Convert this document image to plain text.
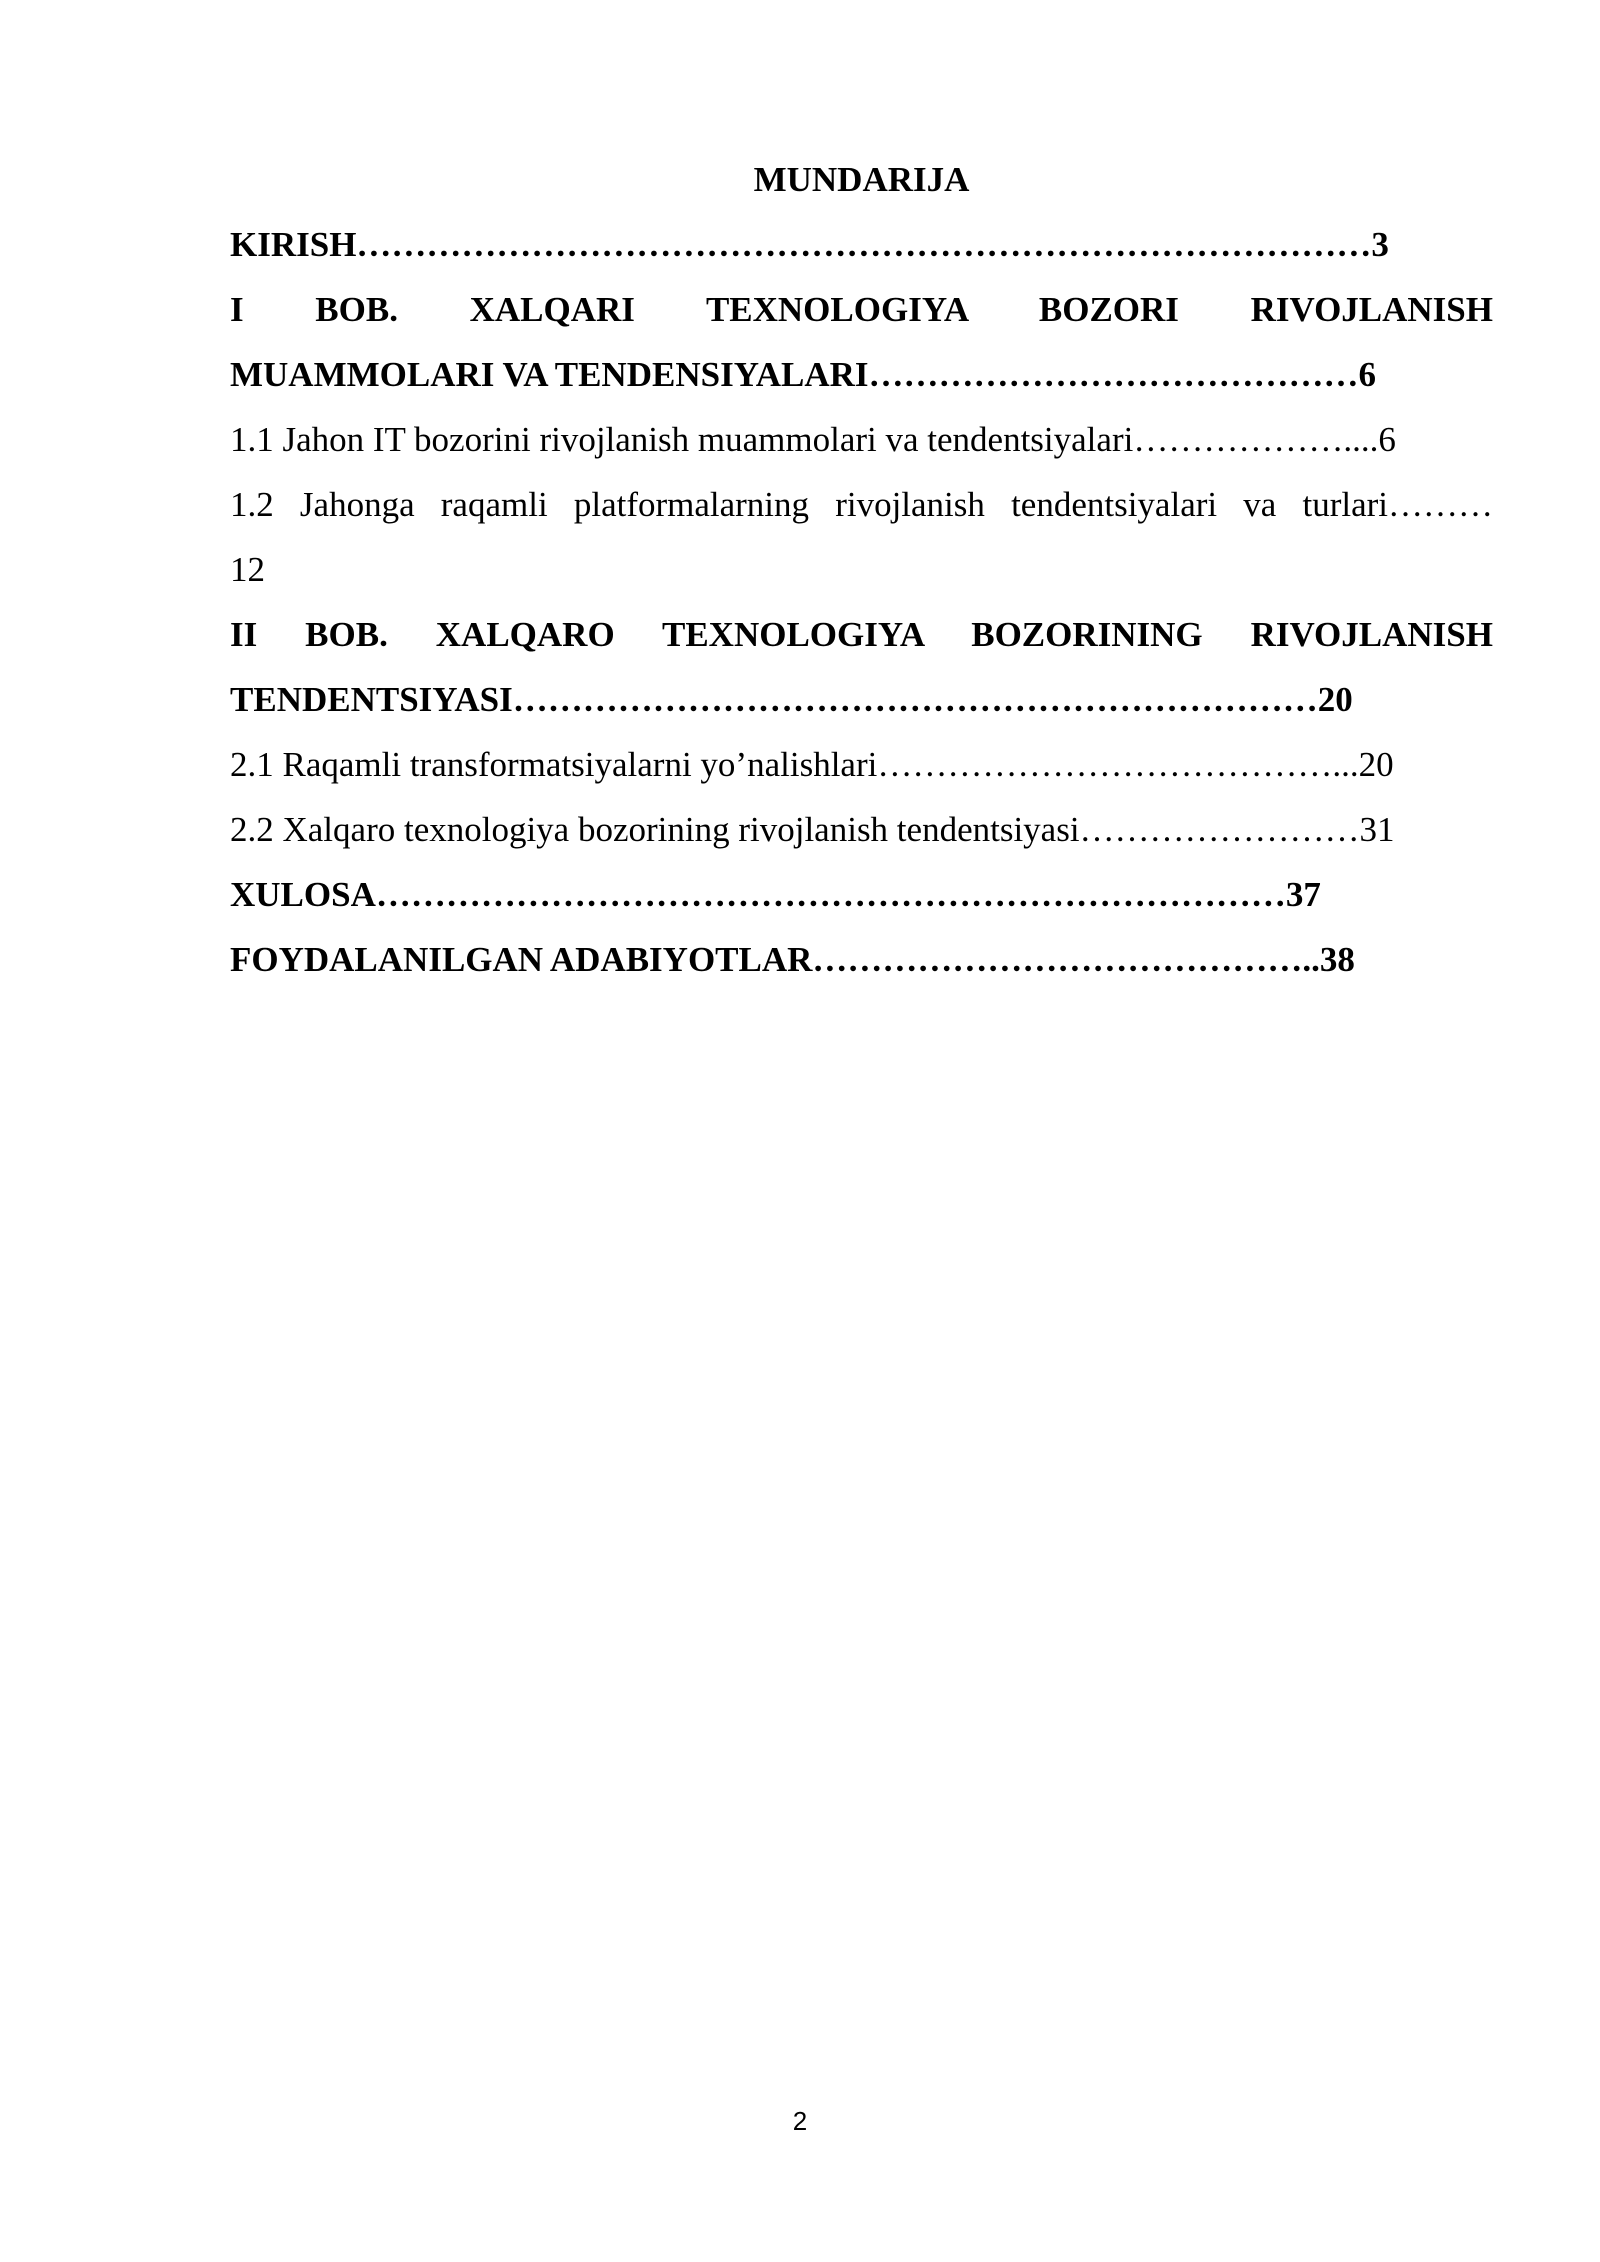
MUNDARIJA

KIRISH……………………………………………………………………………3

I BOB. XALQARI TEXNOLOGIYA BOZORI RIVOJLANISH

MUAMMOLARI VA TENDENSIYALARI……………………………………6

1.1 Jahon IT bozorini rivojlanish muammolari va tendentsiyalari………………....6

1.2 Jahonga raqamli platformalarning rivojlanish tendentsiyalari va turlari………

12

II BOB. XALQARO TEXNOLOGIYA BOZORINING RIVOJLANISH

TENDENTSIYASI……………………………………………………………20

2.1 Raqamli transformatsiyalarni yo’nalishlari…………………………………...20

2.2 Xalqaro texnologiya bozorining rivojlanish tendentsiyasi……………………31

XULOSA……………………………………………………………………37

FOYDALANILGAN ADABIYOTLAR……………………………………..38

2
